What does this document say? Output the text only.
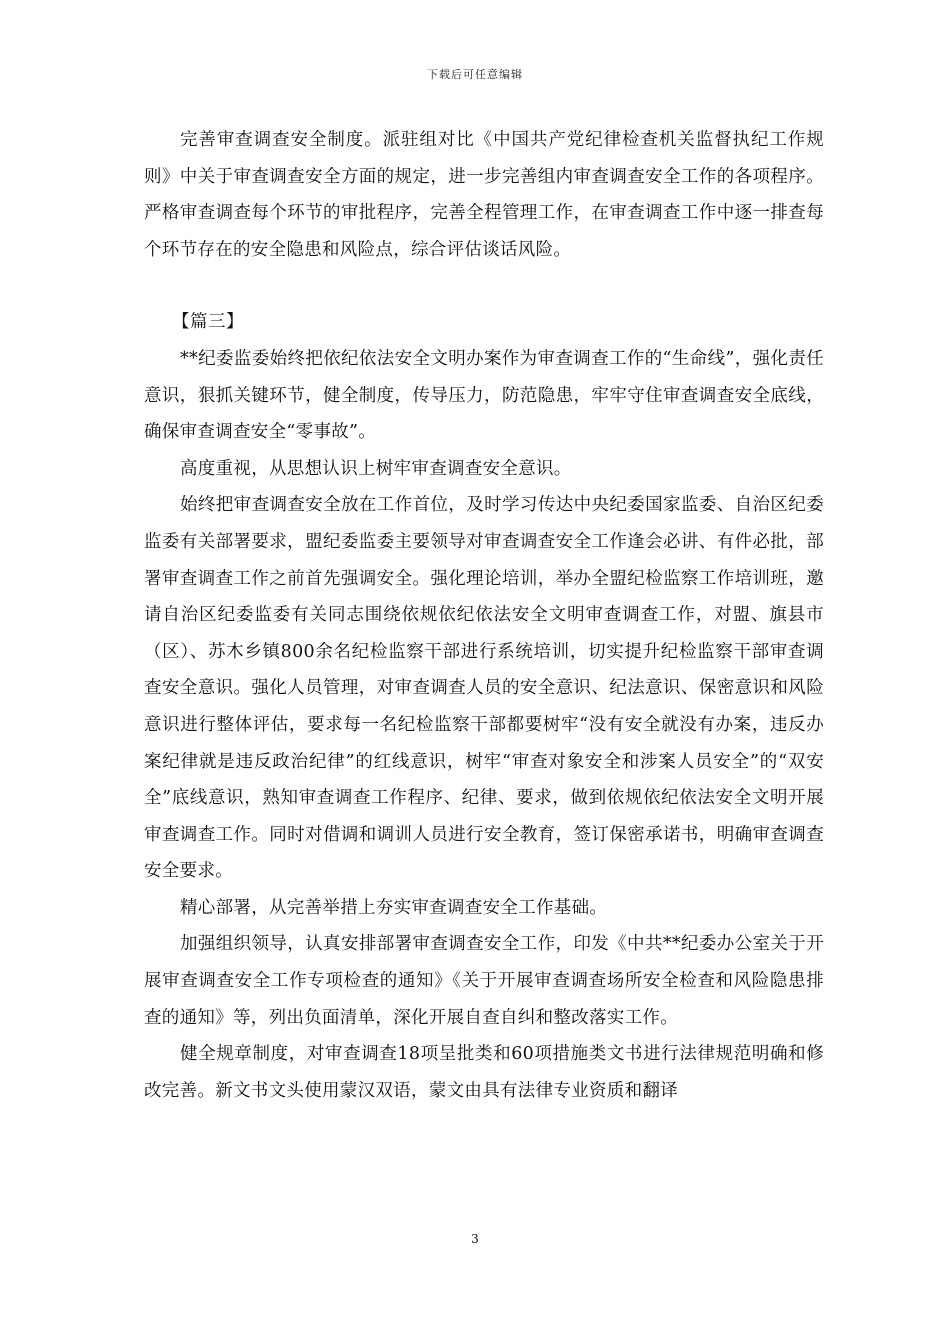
下载后可任意编辑

完善审查调查安全制度。派驻组对比《中国共产党纪律检查机关监督执纪工作规则》中关于审查调查安全方面的规定，进一步完善组内审查调查安全工作的各项程序。严格审查调查每个环节的审批程序，完善全程管理工作，在审查调查工作中逐一排查每个环节存在的安全隐患和风险点，综合评估谈话风险。

【篇三】

**纪委监委始终把依纪依法安全文明办案作为审查调查工作的“生命线”，强化责任意识，狠抓关键环节，健全制度，传导压力，防范隐患，牢牢守住审查调查安全底线，确保审查调查安全“零事故”。

高度重视，从思想认识上树牢审查调查安全意识。

始终把审查调查安全放在工作首位，及时学习传达中央纪委国家监委、自治区纪委监委有关部署要求，盟纪委监委主要领导对审查调查安全工作逢会必讲、有件必批，部署审查调查工作之前首先强调安全。强化理论培训，举办全盟纪检监察工作培训班，邀请自治区纪委监委有关同志围绕依规依纪依法安全文明审查调查工作，对盟、旗县市（区）、苏木乡镇800余名纪检监察干部进行系统培训，切实提升纪检监察干部审查调查安全意识。强化人员管理，对审查调查人员的安全意识、纪法意识、保密意识和风险意识进行整体评估，要求每一名纪检监察干部都要树牢“没有安全就没有办案，违反办案纪律就是违反政治纪律”的红线意识，树牢“审查对象安全和涉案人员安全”的“双安全”底线意识，熟知审查调查工作程序、纪律、要求，做到依规依纪依法安全文明开展审查调查工作。同时对借调和调训人员进行安全教育，签订保密承诺书，明确审查调查安全要求。

精心部署，从完善举措上夯实审查调查安全工作基础。

加强组织领导，认真安排部署审查调查安全工作，印发《中共**纪委办公室关于开展审查调查安全工作专项检查的通知》《关于开展审查调查场所安全检查和风险隐患排查的通知》等，列出负面清单，深化开展自查自纠和整改落实工作。

健全规章制度，对审查调查18项呈批类和60项措施类文书进行法律规范明确和修改完善。新文书文头使用蒙汉双语，蒙文由具有法律专业资质和翻译

3
